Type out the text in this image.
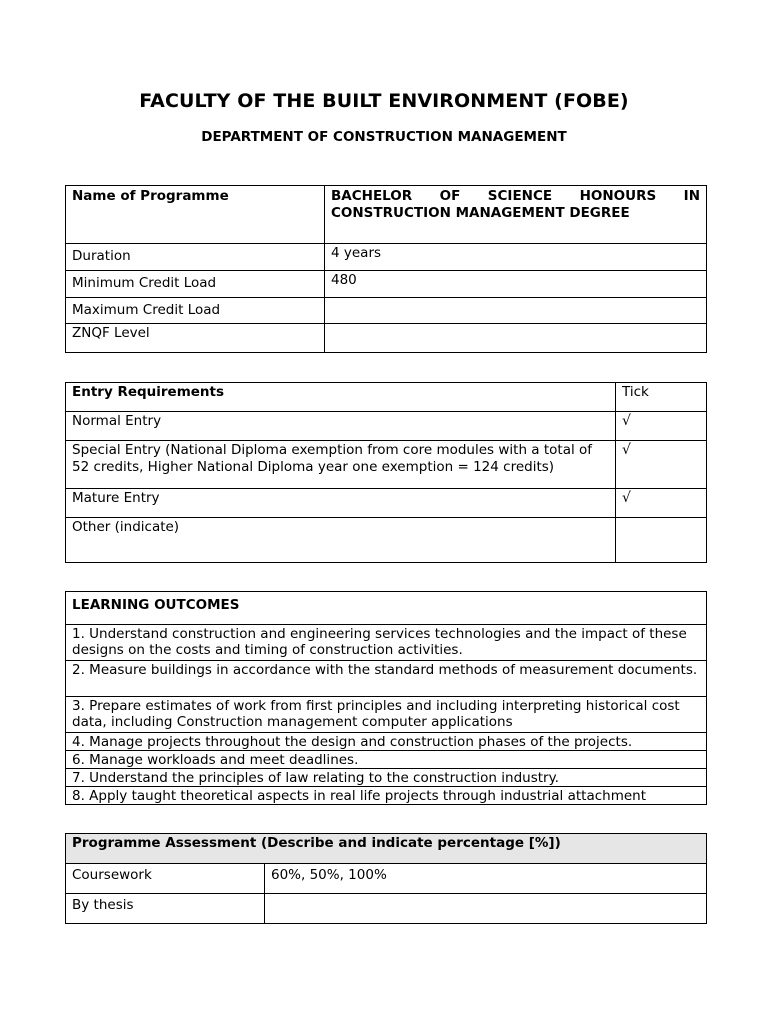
FACULTY OF THE BUILT ENVIRONMENT (FOBE)
DEPARTMENT OF CONSTRUCTION MANAGEMENT
Name of Programme	BACHELOR OF SCIENCE HONOURS IN CONSTRUCTION MANAGEMENT DEGREE
Duration	4 years
Minimum Credit Load	480
Maximum Credit Load	
ZNQF Level	
Entry Requirements	Tick
Normal Entry	√
Special Entry (National Diploma exemption from core modules with a total of 52 credits, Higher National Diploma year one exemption = 124 credits)	√
Mature Entry	√
Other (indicate)	
LEARNING OUTCOMES
1. Understand construction and engineering services technologies and the impact of these designs on the costs and timing of construction activities.
2. Measure buildings in accordance with the standard methods of measurement documents.
3. Prepare estimates of work from first principles and including interpreting historical cost data, including Construction management computer applications
4. Manage projects throughout the design and construction phases of the projects.
6. Manage workloads and meet deadlines.
7. Understand the principles of law relating to the construction industry.
8. Apply taught theoretical aspects in real life projects through industrial attachment
Programme Assessment (Describe and indicate percentage [%])	
Coursework	60%, 50%, 100%
By thesis	
